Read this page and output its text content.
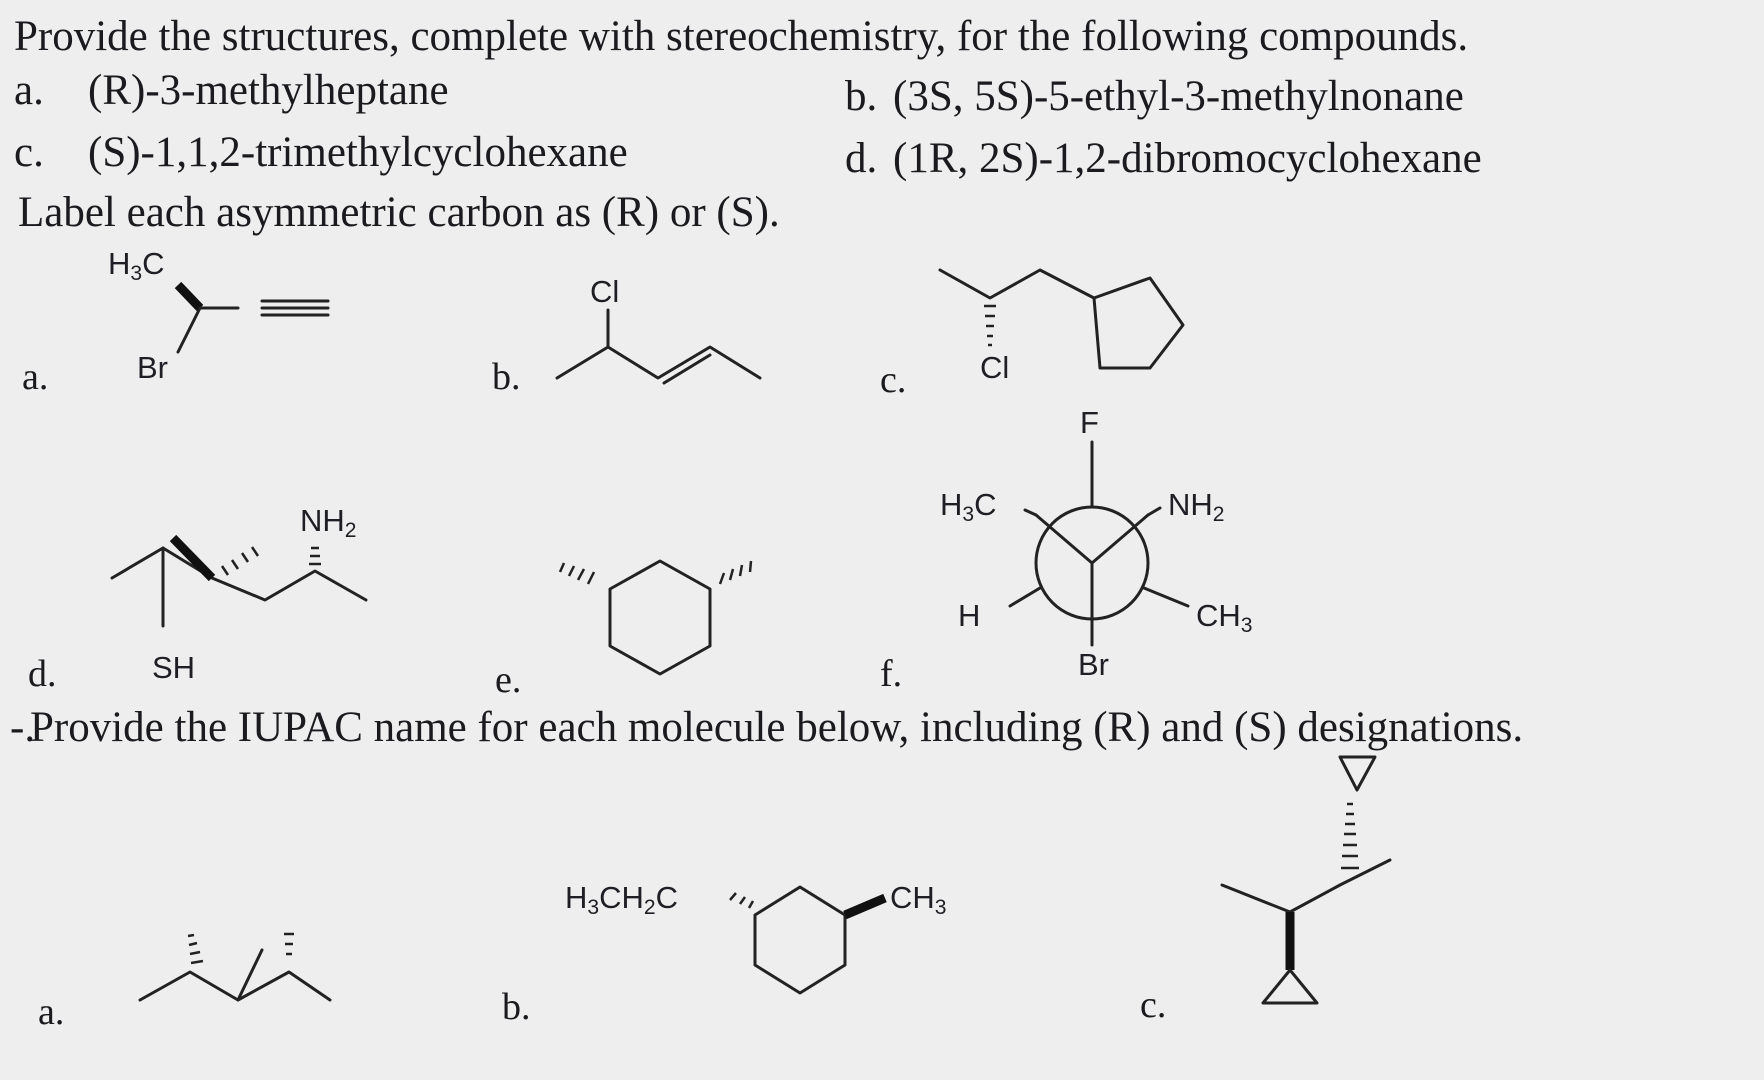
Provide the structures, complete with stereochemistry, for the following compounds.
a. (R)-3-methylheptane	b. (3S, 5S)-5-ethyl-3-methylnonane
c. (S)-1,1,2-trimethylcyclohexane	d. (1R, 2S)-1,2-dibromocyclohexane
Label each asymmetric carbon as (R) or (S).
a.	b.	c.
d.	e.	f.
-.
Provide the IUPAC name for each molecule below, including (R) and (S) designations.
a.	b.	c.
$H_3C$
Br
Cl
Cl
$NH_2$
SH
F
$H_3C$	$NH_2$
H	$CH_3$
Br
$H_3CH_2C$	$CH_3$
